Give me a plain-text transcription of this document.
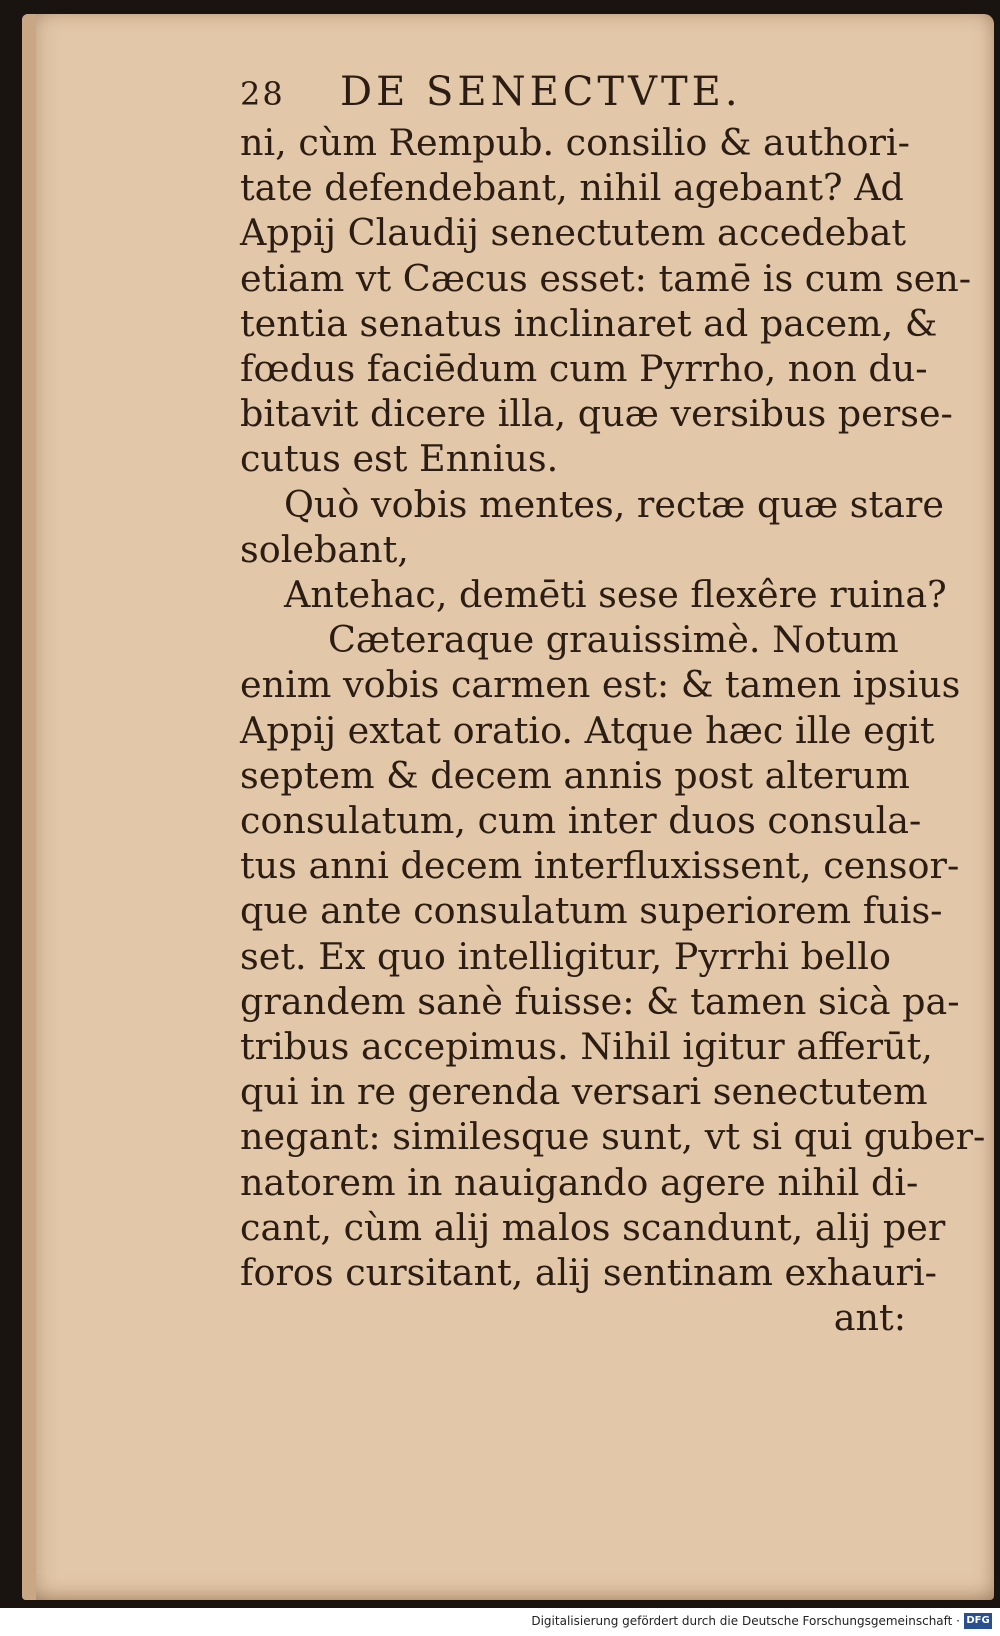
28	DE SENECTVTE.
ni, cùm Rempub. consilio & authori-
tate defendebant, nihil agebant? Ad
Appij Claudij senectutem accedebat
etiam vt Cæcus esset: tamē is cum sen-
tentia senatus inclinaret ad pacem, &
fœdus faciēdum cum Pyrrho, non du-
bitavit dicere illa, quæ versibus perse-
cutus est Ennius.
Quò vobis mentes, rectæ quæ stare
solebant,
Antehac, demēti sese flexêre ruina?
Cæteraque grauissimè. Notum
enim vobis carmen est: & tamen ipsius
Appij extat oratio. Atque hæc ille egit
septem & decem annis post alterum
consulatum, cum inter duos consula-
tus anni decem interfluxissent, censor-
que ante consulatum superiorem fuis-
set. Ex quo intelligitur, Pyrrhi bello
grandem sanè fuisse: & tamen sicà pa-
tribus accepimus. Nihil igitur afferūt,
qui in re gerenda versari senectutem
negant: similesque sunt, vt si qui guber-
natorem in nauigando agere nihil di-
cant, cùm alij malos scandunt, alij per
foros cursitant, alij sentinam exhauri-
ant:
Digitalisierung gefördert durch die Deutsche Forschungsgemeinschaft · DFG
